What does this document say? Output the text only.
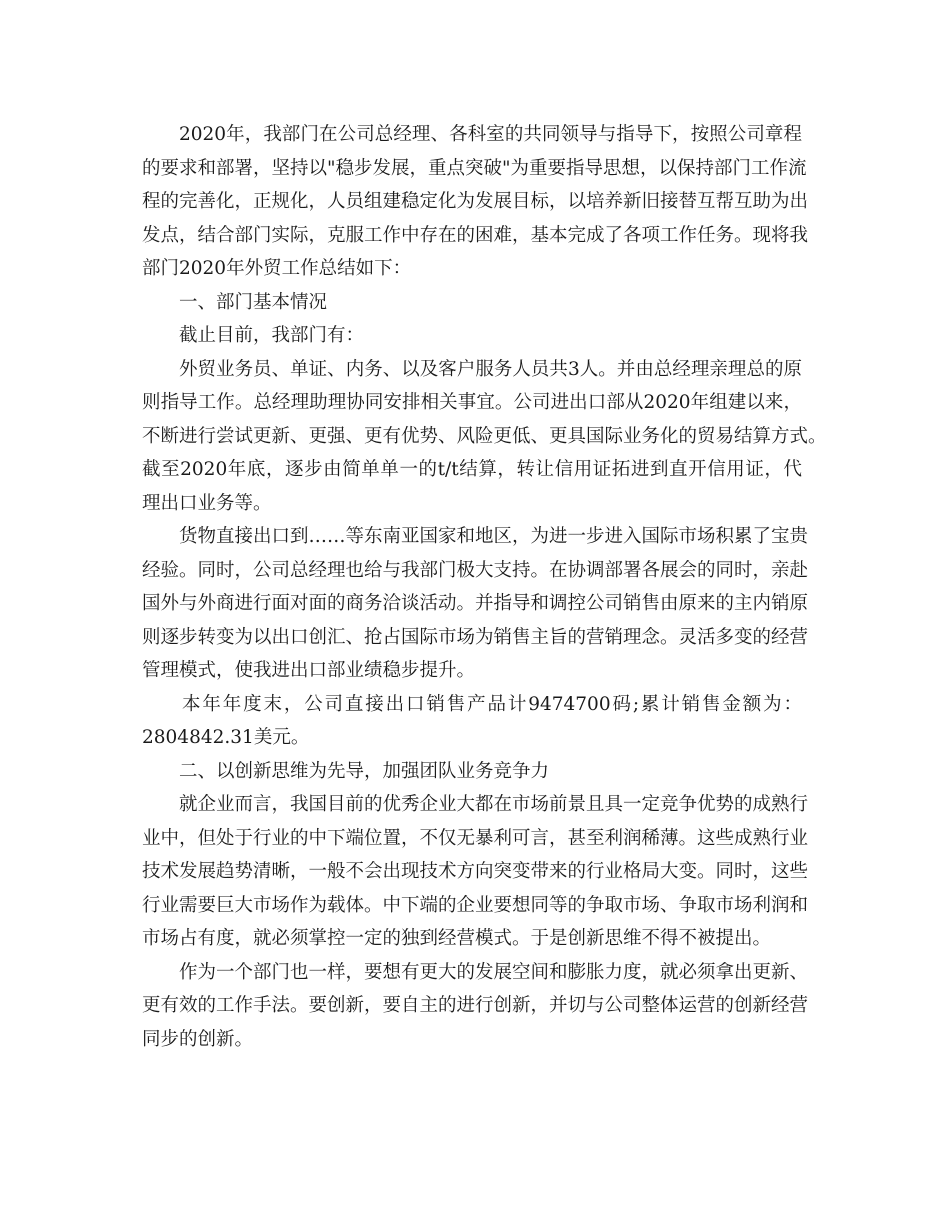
2020年，我部门在公司总经理、各科室的共同领导与指导下，按照公司章程
的要求和部署，坚持以"稳步发展，重点突破"为重要指导思想，以保持部门工作流
程的完善化，正规化，人员组建稳定化为发展目标，以培养新旧接替互帮互助为出
发点，结合部门实际，克服工作中存在的困难，基本完成了各项工作任务。现将我
部门2020年外贸工作总结如下：
一、部门基本情况
截止目前，我部门有：
外贸业务员、单证、内务、以及客户服务人员共3人。并由总经理亲理总的原
则指导工作。总经理助理协同安排相关事宜。公司进出口部从2020年组建以来，
不断进行尝试更新、更强、更有优势、风险更低、更具国际业务化的贸易结算方式。
截至2020年底，逐步由简单单一的t/t结算，转让信用证拓进到直开信用证，代
理出口业务等。
货物直接出口到……等东南亚国家和地区，为进一步进入国际市场积累了宝贵
经验。同时，公司总经理也给与我部门极大支持。在协调部署各展会的同时，亲赴
国外与外商进行面对面的商务洽谈活动。并指导和调控公司销售由原来的主内销原
则逐步转变为以出口创汇、抢占国际市场为销售主旨的营销理念。灵活多变的经营
管理模式，使我进出口部业绩稳步提升。
本年年度末，公司直接出口销售产品计9474700码;累计销售金额为：
2804842.31美元。
二、以创新思维为先导，加强团队业务竞争力
就企业而言，我国目前的优秀企业大都在市场前景且具一定竞争优势的成熟行
业中，但处于行业的中下端位置，不仅无暴利可言，甚至利润稀薄。这些成熟行业
技术发展趋势清晰，一般不会出现技术方向突变带来的行业格局大变。同时，这些
行业需要巨大市场作为载体。中下端的企业要想同等的争取市场、争取市场利润和
市场占有度，就必须掌控一定的独到经营模式。于是创新思维不得不被提出。
作为一个部门也一样，要想有更大的发展空间和膨胀力度，就必须拿出更新、
更有效的工作手法。要创新，要自主的进行创新，并切与公司整体运营的创新经营
同步的创新。
